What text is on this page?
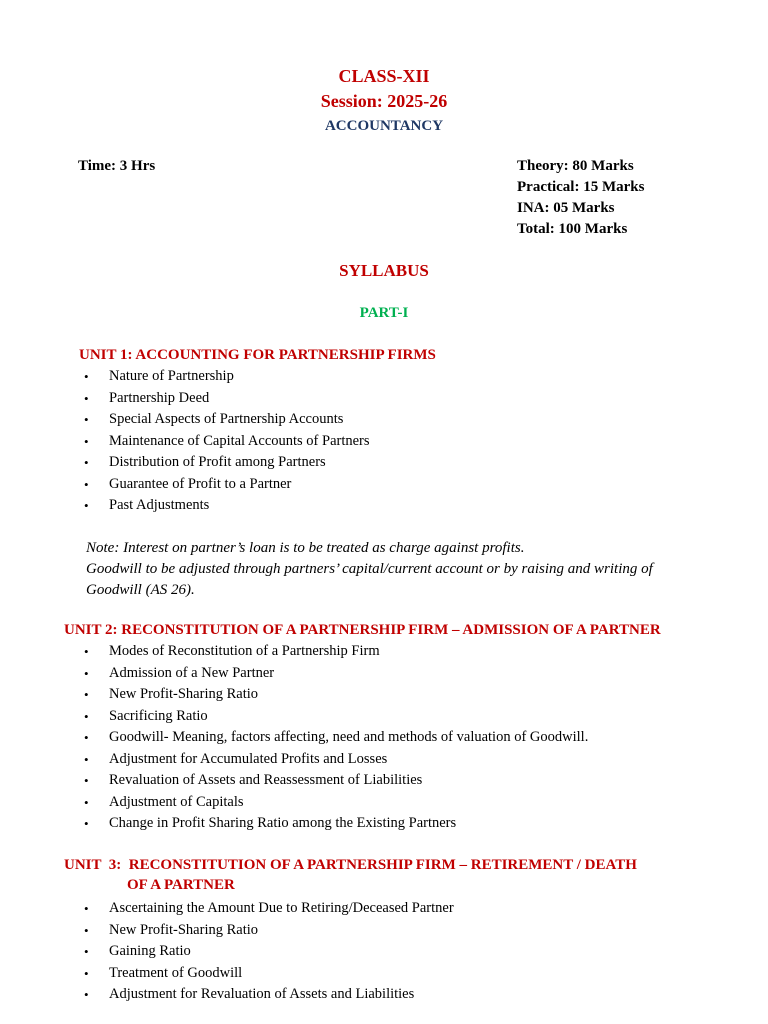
CLASS-XII
Session: 2025-26
ACCOUNTANCY
Time: 3 Hrs	Theory: 80 Marks
Practical: 15 Marks
INA: 05 Marks
Total: 100 Marks
SYLLABUS
PART-I
UNIT 1: ACCOUNTING FOR PARTNERSHIP FIRMS
• Nature of Partnership
• Partnership Deed
• Special Aspects of Partnership Accounts
• Maintenance of Capital Accounts of Partners
• Distribution of Profit among Partners
• Guarantee of Profit to a Partner
• Past Adjustments
Note: Interest on partner’s loan is to be treated as charge against profits.
Goodwill to be adjusted through partners’ capital/current account or by raising and writing of
Goodwill (AS 26).
UNIT 2: RECONSTITUTION OF A PARTNERSHIP FIRM – ADMISSION OF A PARTNER
• Modes of Reconstitution of a Partnership Firm
• Admission of a New Partner
• New Profit-Sharing Ratio
• Sacrificing Ratio
• Goodwill- Meaning, factors affecting, need and methods of valuation of Goodwill.
• Adjustment for Accumulated Profits and Losses
• Revaluation of Assets and Reassessment of Liabilities
• Adjustment of Capitals
• Change in Profit Sharing Ratio among the Existing Partners
UNIT  3:  RECONSTITUTION OF A PARTNERSHIP FIRM – RETIREMENT / DEATH
OF A PARTNER
• Ascertaining the Amount Due to Retiring/Deceased Partner
• New Profit-Sharing Ratio
• Gaining Ratio
• Treatment of Goodwill
• Adjustment for Revaluation of Assets and Liabilities
